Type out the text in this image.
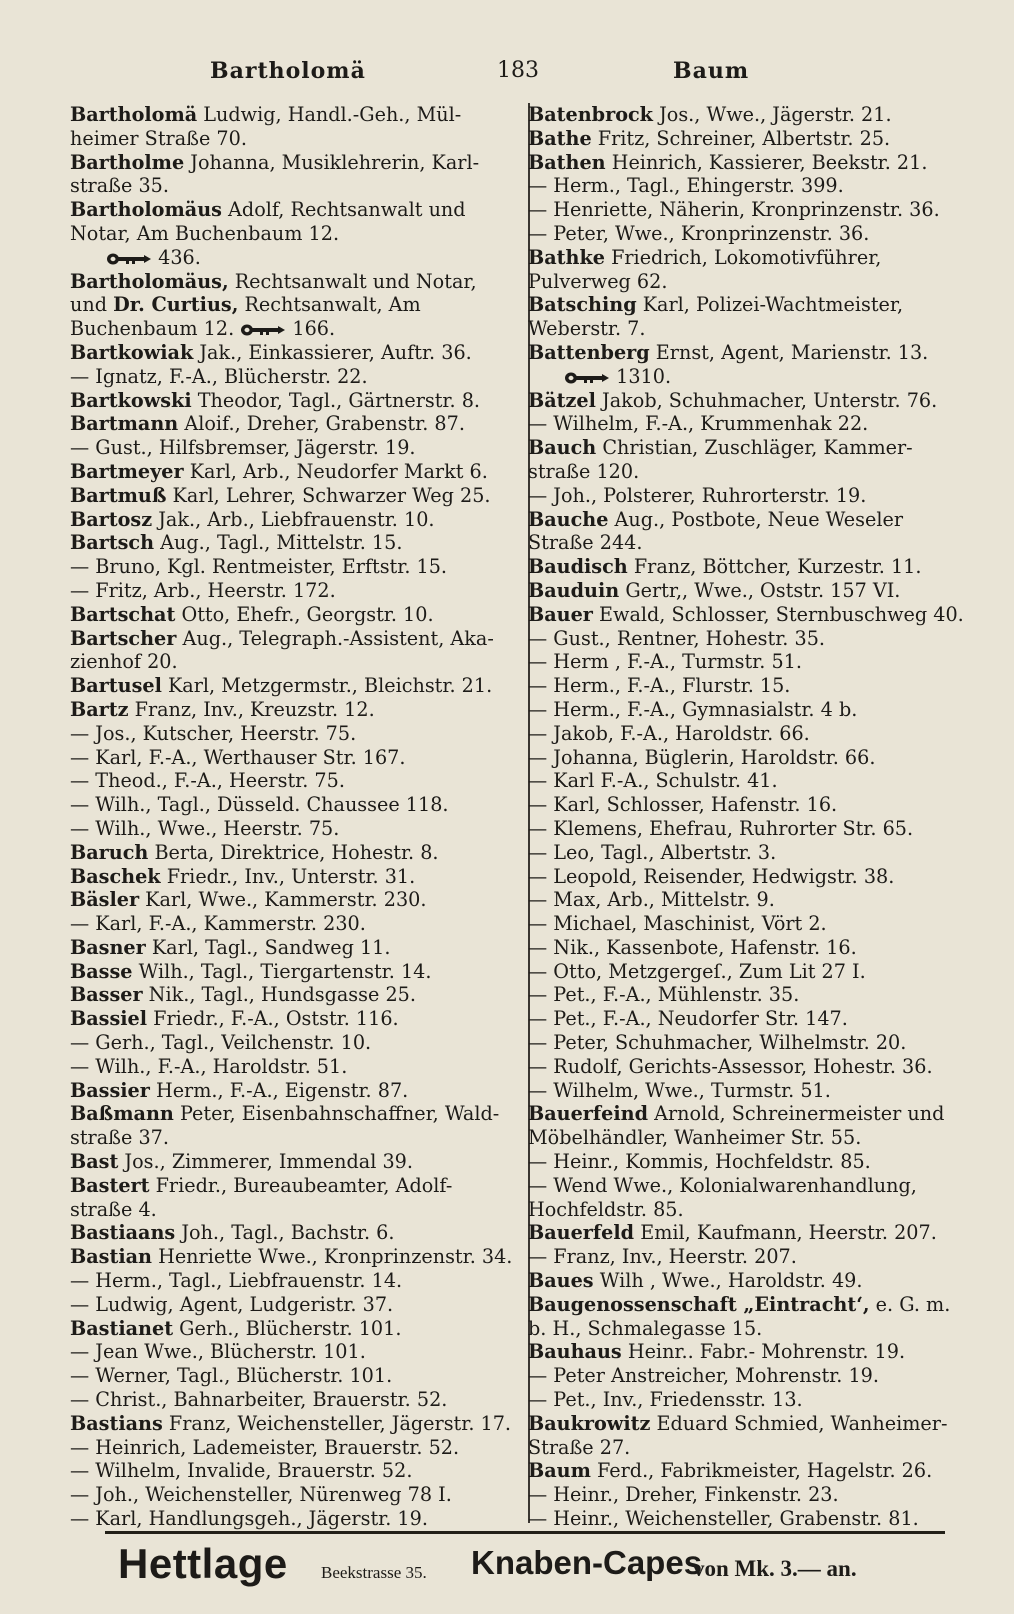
Bartholomä	183	Baum
Bartholomä Ludwig, Handl.-Geh., Mül-
heimer Straße 70.
Bartholme Johanna, Musiklehrerin, Karl-
straße 35.
Bartholomäus Adolf, Rechtsanwalt und
Notar, Am Buchenbaum 12.
436.
Bartholomäus, Rechtsanwalt und Notar,
und Dr. Curtius, Rechtsanwalt, Am
Buchenbaum 12.	166.
Bartkowiak Jak., Einkassierer, Auftr. 36.
— Ignatz, F.-A., Blücherstr. 22.
Bartkowski Theodor, Tagl., Gärtnerstr. 8.
Bartmann Aloif., Dreher, Grabenstr. 87.
— Gust., Hilfsbremser, Jägerstr. 19.
Bartmeyer Karl, Arb., Neudorfer Markt 6.
Bartmuß Karl, Lehrer, Schwarzer Weg 25.
Bartosz Jak., Arb., Liebfrauenstr. 10.
Bartsch Aug., Tagl., Mittelstr. 15.
— Bruno, Kgl. Rentmeister, Erftstr. 15.
— Fritz, Arb., Heerstr. 172.
Bartschat Otto, Ehefr., Georgstr. 10.
Bartscher Aug., Telegraph.-Assistent, Aka-
zienhof 20.
Bartusel Karl, Metzgermstr., Bleichstr. 21.
Bartz Franz, Inv., Kreuzstr. 12.
— Jos., Kutscher, Heerstr. 75.
— Karl, F.-A., Werthauser Str. 167.
— Theod., F.-A., Heerstr. 75.
— Wilh., Tagl., Düsseld. Chaussee 118.
— Wilh., Wwe., Heerstr. 75.
Baruch Berta, Direktrice, Hohestr. 8.
Baschek Friedr., Inv., Unterstr. 31.
Bäsler Karl, Wwe., Kammerstr. 230.
— Karl, F.-A., Kammerstr. 230.
Basner Karl, Tagl., Sandweg 11.
Basse Wilh., Tagl., Tiergartenstr. 14.
Basser Nik., Tagl., Hundsgasse 25.
Bassiel Friedr., F.-A., Oststr. 116.
— Gerh., Tagl., Veilchenstr. 10.
— Wilh., F.-A., Haroldstr. 51.
Bassier Herm., F.-A., Eigenstr. 87.
Baßmann Peter, Eisenbahnschaffner, Wald-
straße 37.
Bast Jos., Zimmerer, Immendal 39.
Bastert Friedr., Bureaubeamter, Adolf-
straße 4.
Bastiaans Joh., Tagl., Bachstr. 6.
Bastian Henriette Wwe., Kronprinzenstr. 34.
— Herm., Tagl., Liebfrauenstr. 14.
— Ludwig, Agent, Ludgeristr. 37.
Bastianet Gerh., Blücherstr. 101.
— Jean Wwe., Blücherstr. 101.
— Werner, Tagl., Blücherstr. 101.
— Christ., Bahnarbeiter, Brauerstr. 52.
Bastians Franz, Weichensteller, Jägerstr. 17.
— Heinrich, Lademeister, Brauerstr. 52.
— Wilhelm, Invalide, Brauerstr. 52.
— Joh., Weichensteller, Nürenweg 78 I.
— Karl, Handlungsgeh., Jägerstr. 19.
Batenbrock Jos., Wwe., Jägerstr. 21.
Bathe Fritz, Schreiner, Albertstr. 25.
Bathen Heinrich, Kassierer, Beekstr. 21.
— Herm., Tagl., Ehingerstr. 399.
— Henriette, Näherin, Kronprinzenstr. 36.
— Peter, Wwe., Kronprinzenstr. 36.
Bathke Friedrich, Lokomotivführer,
Pulverweg 62.
Batsching Karl, Polizei-Wachtmeister,
Weberstr. 7.
Battenberg Ernst, Agent, Marienstr. 13.
1310.
Bätzel Jakob, Schuhmacher, Unterstr. 76.
— Wilhelm, F.-A., Krummenhak 22.
Bauch Christian, Zuschläger, Kammer-
straße 120.
— Joh., Polsterer, Ruhrorterstr. 19.
Bauche Aug., Postbote, Neue Weseler
Straße 244.
Baudisch Franz, Böttcher, Kurzestr. 11.
Bauduin Gertr,, Wwe., Oststr. 157 VI.
Bauer Ewald, Schlosser, Sternbuschweg 40.
— Gust., Rentner, Hohestr. 35.
— Herm , F.-A., Turmstr. 51.
— Herm., F.-A., Flurstr. 15.
— Herm., F.-A., Gymnasialstr. 4 b.
— Jakob, F.-A., Haroldstr. 66.
— Johanna, Büglerin, Haroldstr. 66.
— Karl F.-A., Schulstr. 41.
— Karl, Schlosser, Hafenstr. 16.
— Klemens, Ehefrau, Ruhrorter Str. 65.
— Leo, Tagl., Albertstr. 3.
— Leopold, Reisender, Hedwigstr. 38.
— Max, Arb., Mittelstr. 9.
— Michael, Maschinist, Vört 2.
— Nik., Kassenbote, Hafenstr. 16.
— Otto, Metzgergeſ., Zum Lit 27 I.
— Pet., F.-A., Mühlenstr. 35.
— Pet., F.-A., Neudorfer Str. 147.
— Peter, Schuhmacher, Wilhelmstr. 20.
— Rudolf, Gerichts-Assessor, Hohestr. 36.
— Wilhelm, Wwe., Turmstr. 51.
Bauerfeind Arnold, Schreinermeister und
Möbelhändler, Wanheimer Str. 55.
— Heinr., Kommis, Hochfeldstr. 85.
— Wend Wwe., Kolonialwarenhandlung,
Hochfeldstr. 85.
Bauerfeld Emil, Kaufmann, Heerstr. 207.
— Franz, Inv., Heerstr. 207.
Baues Wilh , Wwe., Haroldstr. 49.
Baugenossenschaft „Eintracht‘, e. G. m.
b. H., Schmalegasse 15.
Bauhaus Heinr.. Fabr.- Mohrenstr. 19.
— Peter Anstreicher, Mohrenstr. 19.
— Pet., Inv., Friedensstr. 13.
Baukrowitz Eduard Schmied, Wanheimer-
Straße 27.
Baum Ferd., Fabrikmeister, Hagelstr. 26.
— Heinr., Dreher, Finkenstr. 23.
— Heinr., Weichensteller, Grabenstr. 81.
Hettlage Beekstrasse 35. Knaben-Capes
von Mk. 3.— an.
